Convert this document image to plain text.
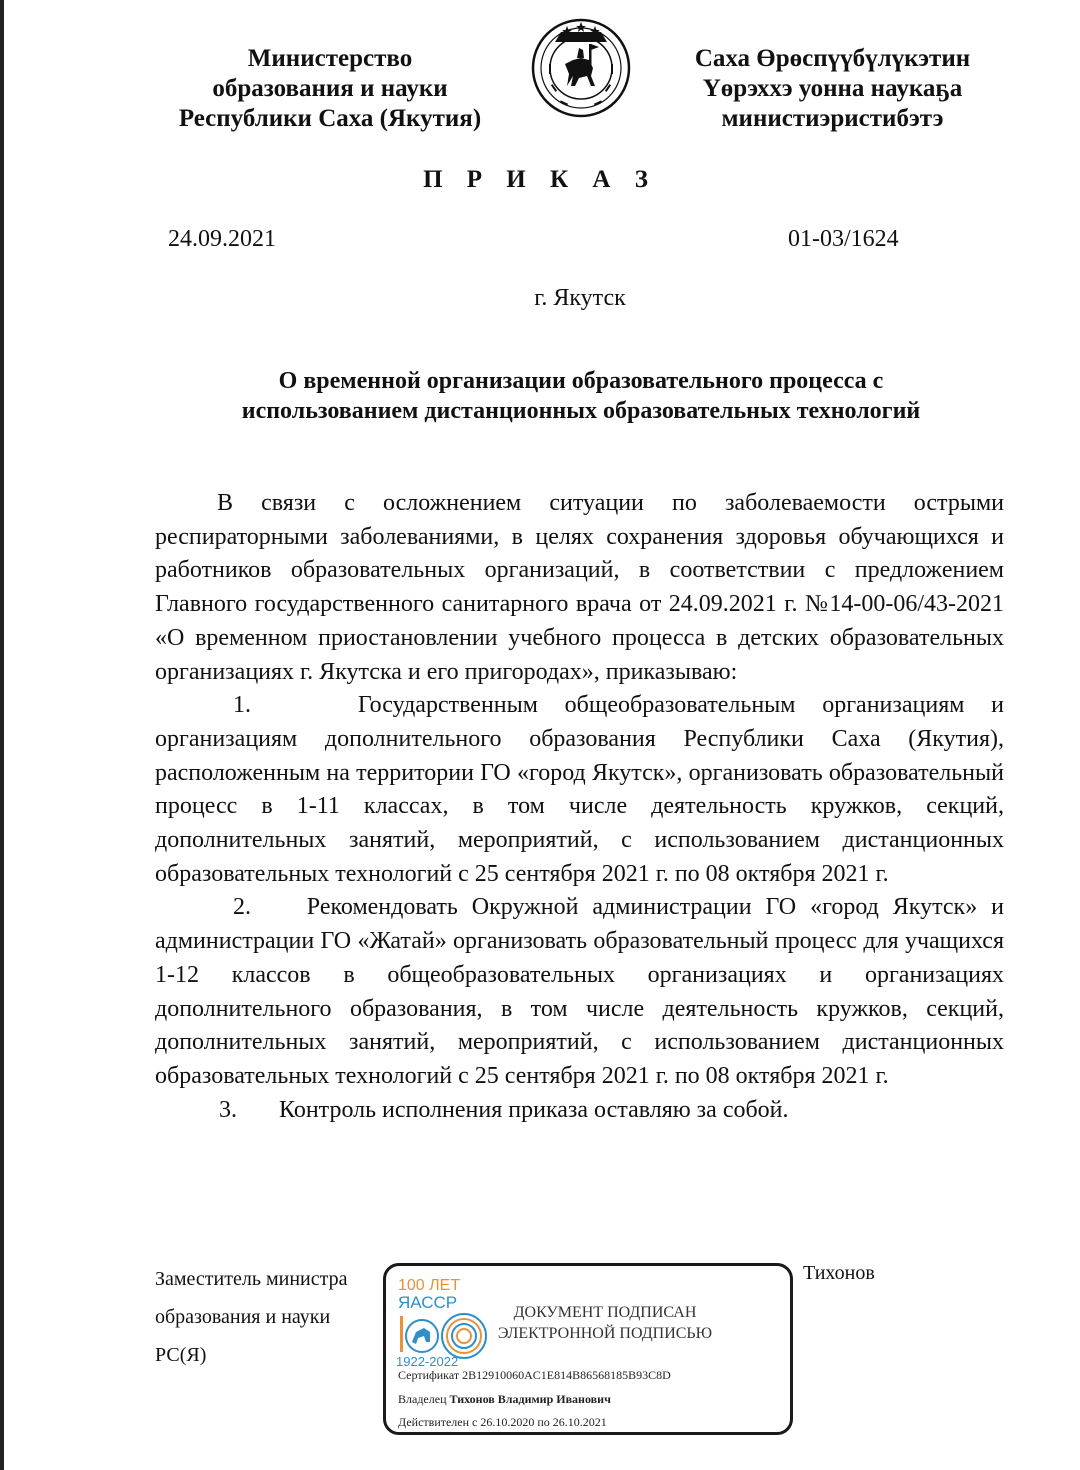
Министерство
образования и науки
Республики Саха (Якутия)
Саха Өрөспүүбүлүкэтин
Үөрэххэ уонна наукаҕа
министиэристибэтэ
П Р И К А З
24.09.2021	01-03/1624
г. Якутск
О временной организации образовательного процесса с
использованием дистанционных образовательных технологий

В связи с осложнением ситуации по заболеваемости острыми респираторными заболеваниями, в целях сохранения здоровья обучающихся и работников образовательных организаций, в соответствии с предложением Главного государственного санитарного врача от 24.09.2021 г. №14-00-06/43-2021 «О временном приостановлении учебного процесса в детских образовательных организациях г. Якутска и его пригородах», приказываю:

1.	Государственным общеобразовательным организациям и организациям дополнительного образования Республики Саха (Якутия), расположенным на территории ГО «город Якутск», организовать образовательный процесс в 1-11 классах, в том числе деятельность кружков, секций, дополнительных занятий, мероприятий, с использованием дистанционных образовательных технологий с 25 сентября 2021 г. по 08 октября 2021 г.

2. Рекомендовать Окружной администрации ГО «город Якутск» и администрации ГО «Жатай» организовать образовательный процесс для учащихся 1-12 классов в общеобразовательных организациях и организациях дополнительного образования, в том числе деятельность кружков, секций, дополнительных занятий, мероприятий, с использованием дистанционных образовательных технологий с 25 сентября 2021 г. по 08 октября 2021 г.

3. Контроль исполнения приказа оставляю за собой.

Заместитель министра
образования и науки
РС(Я)
Тихонов
100 ЛЕТ
ЯАССР
1922-2022
ДОКУМЕНТ ПОДПИСАН
ЭЛЕКТРОННОЙ ПОДПИСЬЮ
Сертификат 2B12910060AC1E814B86568185B93C8D
Владелец Тихонов Владимир Иванович
Действителен с 26.10.2020 по 26.10.2021
